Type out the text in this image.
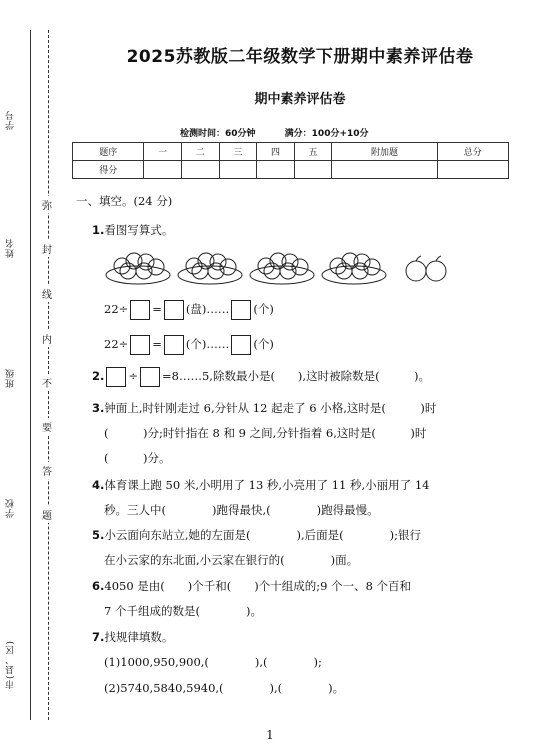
学号
姓名
班级
学校
市(县、区)
弥
封
线
内
不
要
答
题
2025苏教版二年级数学下册期中素养评估卷
期中素养评估卷
检测时间：60分钟	满分：100分+10分
题序	一	二	三	四	五	附加题	总分
得分							
一、填空。(24 分)
1.看图写算式。
22÷ = (盘)…… (个)
22÷ = (个)…… (个)
2. ÷ =8……5,除数最小是(　　),这时被除数是(　　　)。
3.钟面上,时针刚走过 6,分针从 12 起走了 6 小格,这时是(　　　)时
(　　　)分;时针指在 8 和 9 之间,分针指着 6,这时是(　　　)时
(　　　)分。
4.体育课上跑 50 米,小明用了 13 秒,小亮用了 11 秒,小丽用了 14
秒。三人中(　　　　)跑得最快,(　　　　)跑得最慢。
5.小云面向东站立,她的左面是(　　　　),后面是(　　　　);银行
在小云家的东北面,小云家在银行的(　　　　)面。
6.4050 是由(　　)个千和(　　)个十组成的;9 个一、8 个百和
7 个千组成的数是(　　　　)。
7.找规律填数。
(1)1000,950,900,(　　　　),(　　　　);
(2)5740,5840,5940,(　　　　),(　　　　)。
1
